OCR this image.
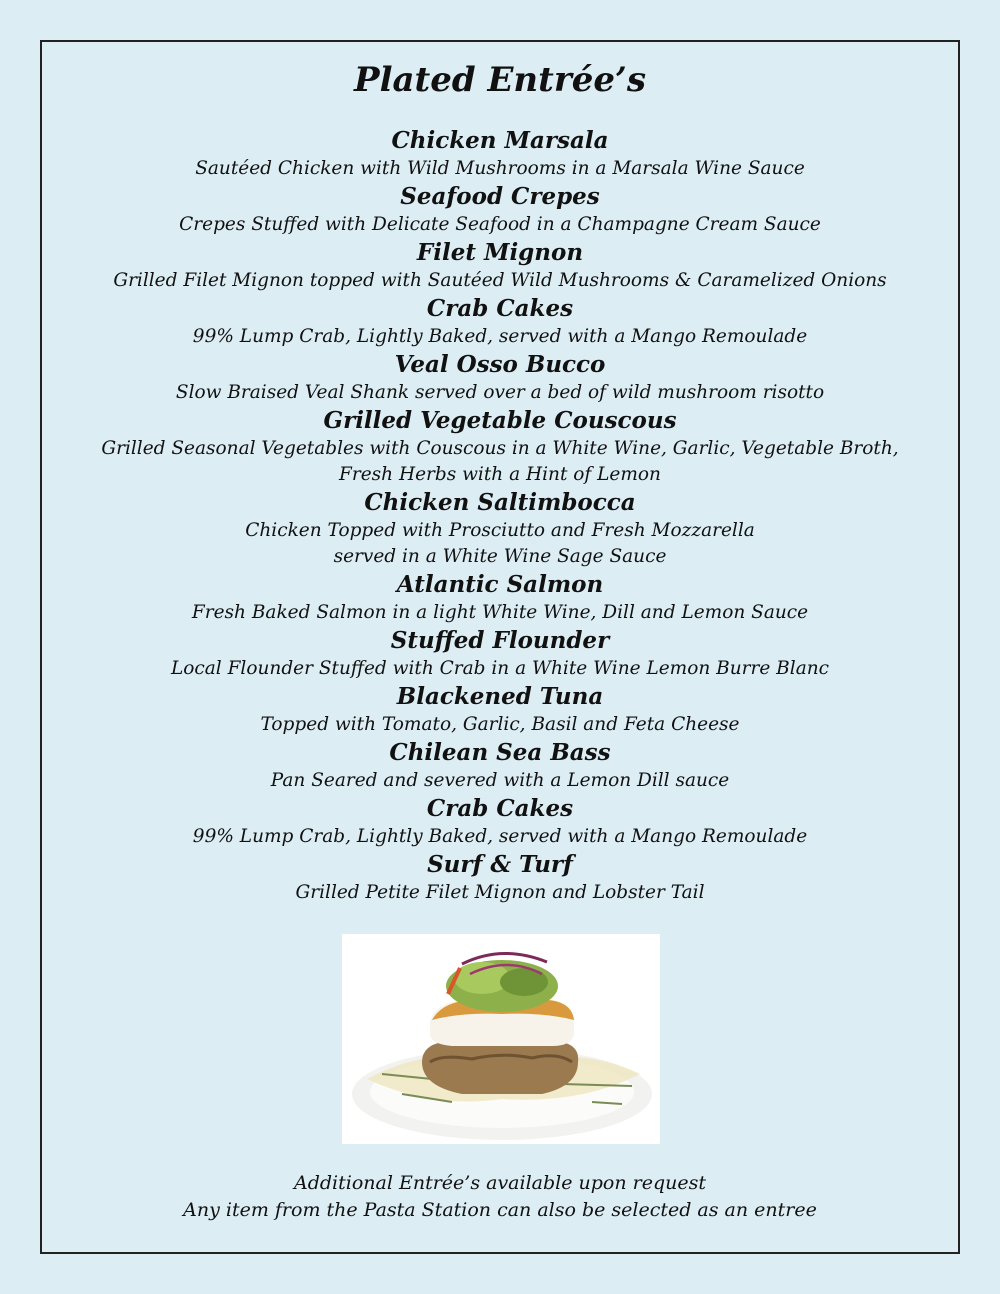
Plated Entrée’s
Chicken Marsala
Sautéed Chicken with Wild Mushrooms in a Marsala Wine Sauce
Seafood Crepes
Crepes Stuffed with Delicate Seafood in a Champagne Cream Sauce
Filet Mignon
Grilled Filet Mignon topped with Sautéed Wild Mushrooms & Caramelized Onions
Crab Cakes
99% Lump Crab, Lightly Baked, served with a Mango Remoulade
Veal Osso Bucco
Slow Braised Veal Shank served over a bed of wild mushroom risotto
Grilled Vegetable Couscous
Grilled Seasonal Vegetables with Couscous in a White Wine, Garlic, Vegetable Broth,
Fresh Herbs with a Hint of Lemon
Chicken Saltimbocca
Chicken Topped with Prosciutto and Fresh Mozzarella
served in a White Wine Sage Sauce
Atlantic Salmon
Fresh Baked Salmon in a light White Wine, Dill and Lemon Sauce
Stuffed Flounder
Local Flounder Stuffed with Crab in a White Wine Lemon Burre Blanc
Blackened Tuna
Topped with Tomato, Garlic, Basil and Feta Cheese
Chilean Sea Bass
Pan Seared and severed with a Lemon Dill sauce
Crab Cakes
99% Lump Crab, Lightly Baked, served with a Mango Remoulade
Surf & Turf
Grilled Petite Filet Mignon and Lobster Tail
Additional Entrée’s available upon request
Any item from the Pasta Station can also be selected as an entree
